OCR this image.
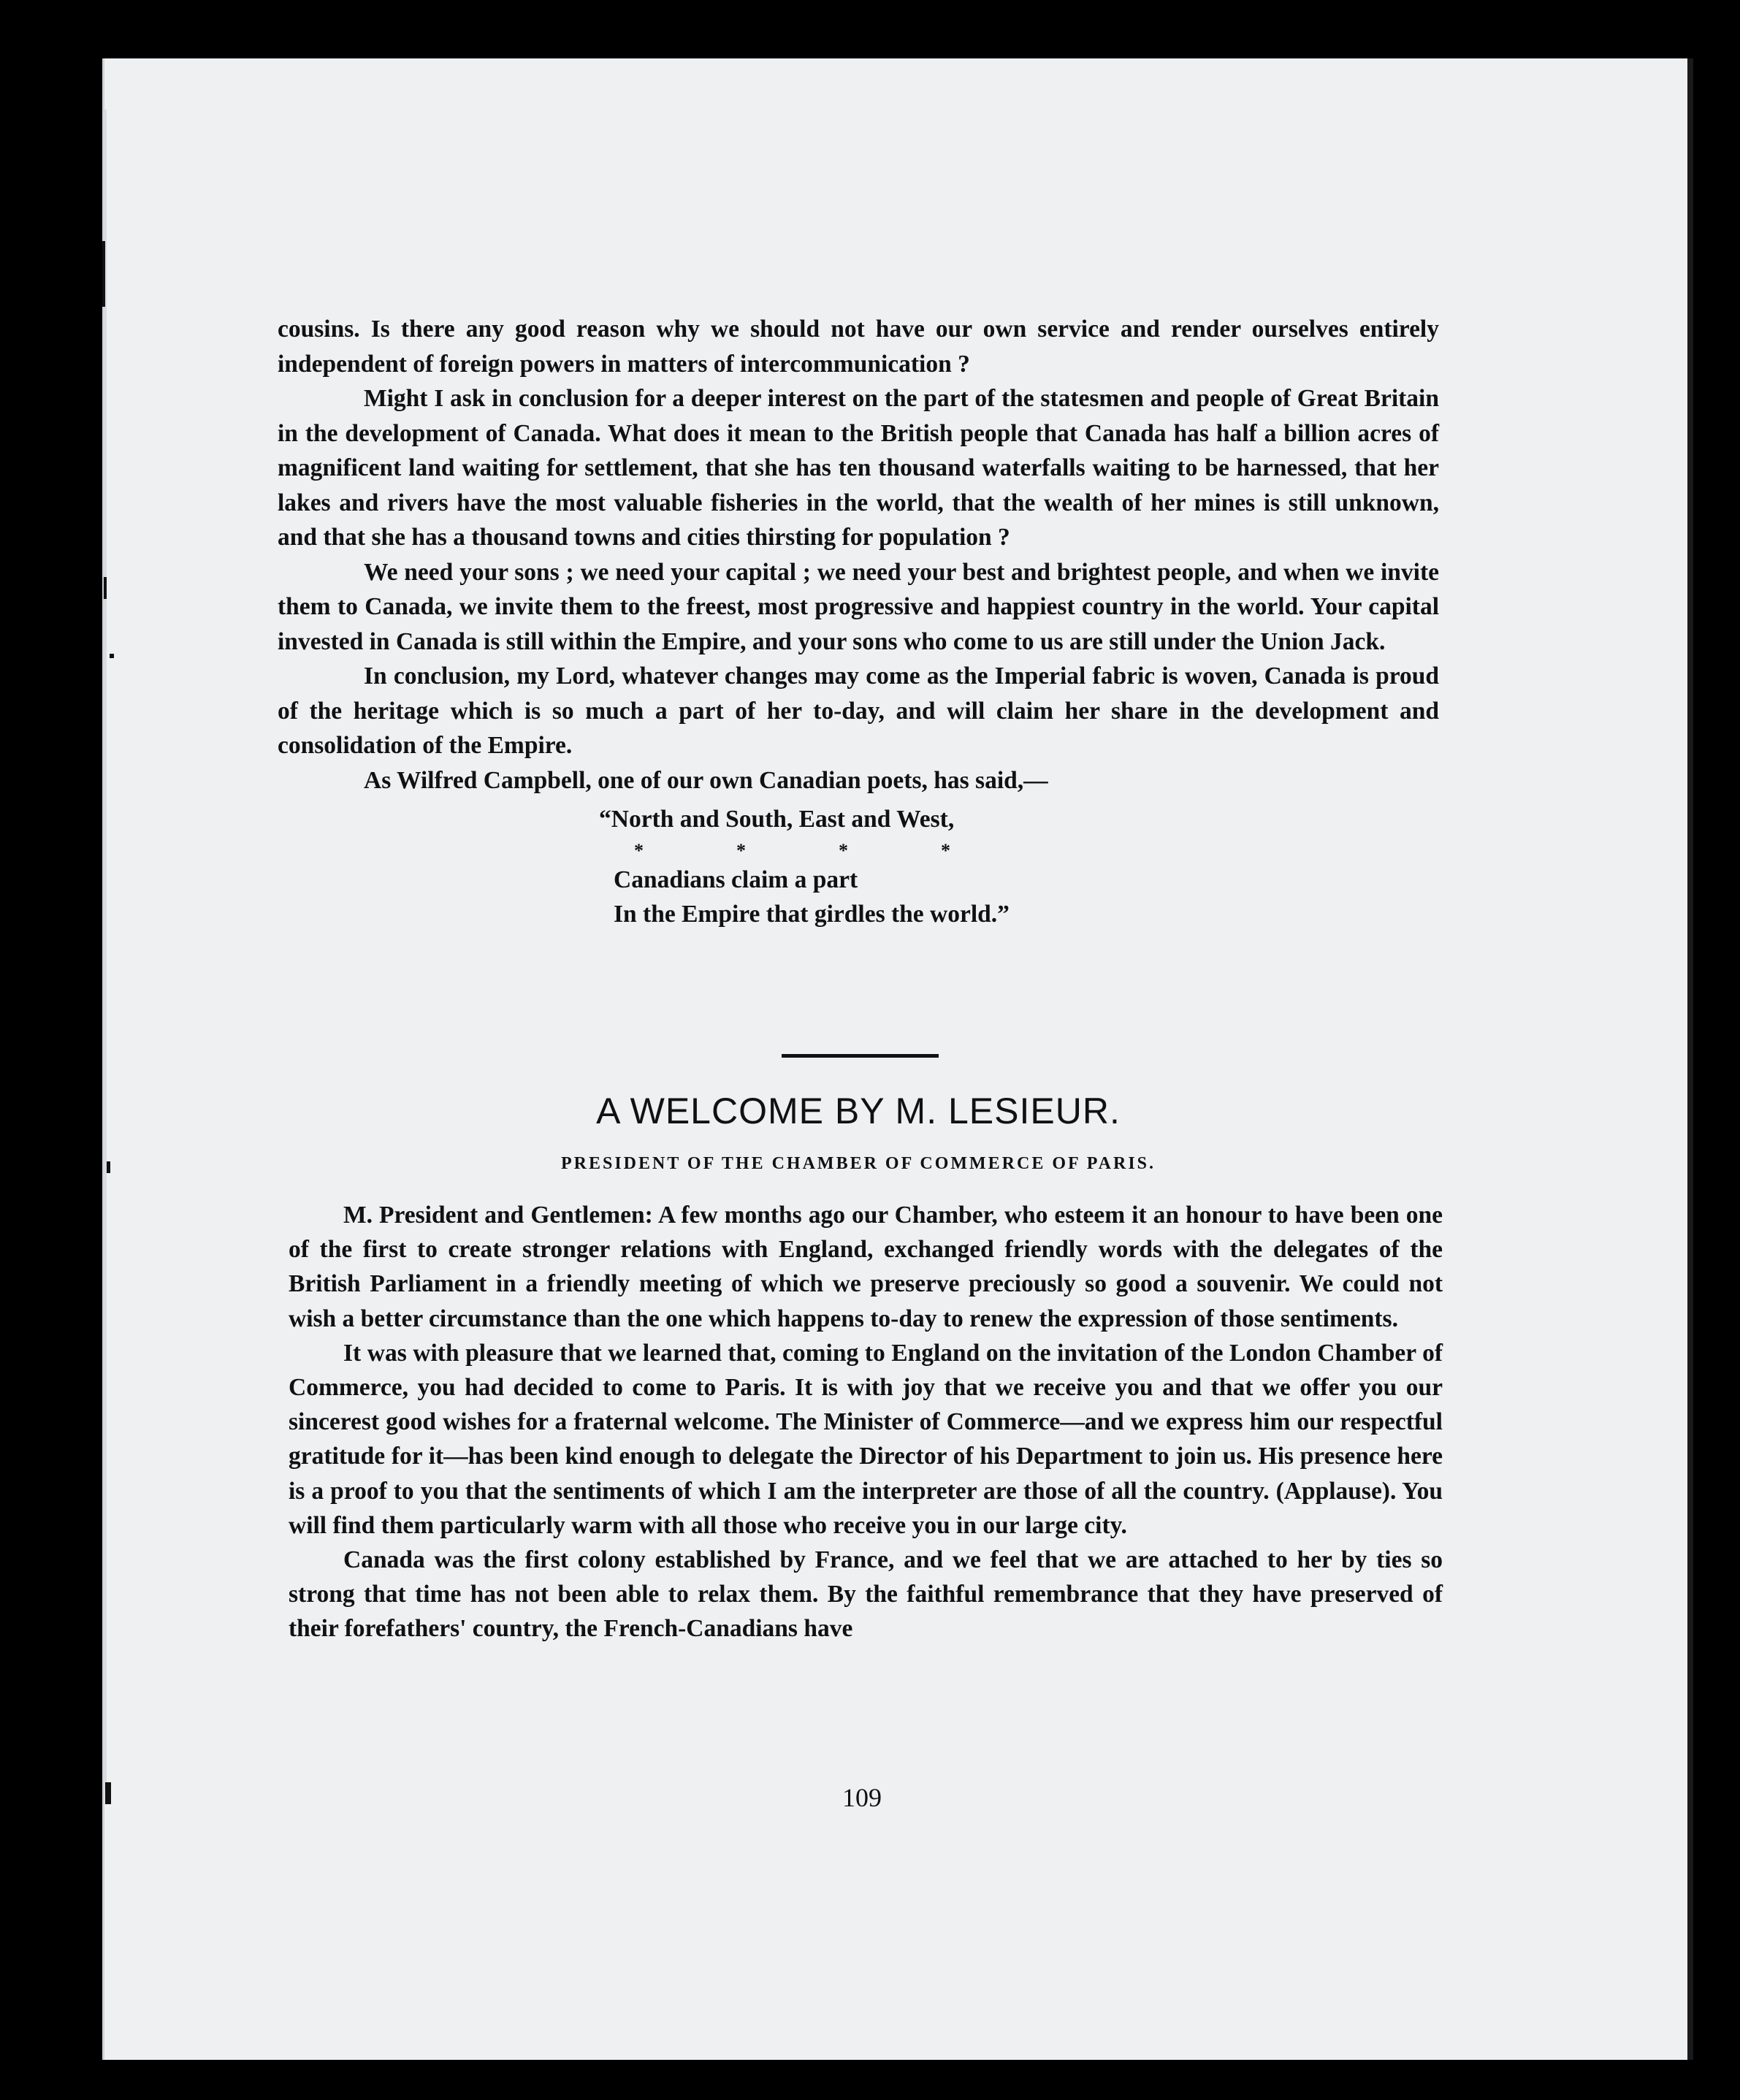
cousins. Is there any good reason why we should not have our own service and render ourselves entirely independent of foreign powers in matters of intercommunication ?

Might I ask in conclusion for a deeper interest on the part of the statesmen and people of Great Britain in the development of Canada. What does it mean to the British people that Canada has half a billion acres of magnificent land waiting for settlement, that she has ten thousand waterfalls waiting to be harnessed, that her lakes and rivers have the most valuable fisheries in the world, that the wealth of her mines is still unknown, and that she has a thousand towns and cities thirsting for population ?

We need your sons ; we need your capital ; we need your best and brightest people, and when we invite them to Canada, we invite them to the freest, most progressive and happiest country in the world. Your capital invested in Canada is still within the Empire, and your sons who come to us are still under the Union Jack.

In conclusion, my Lord, whatever changes may come as the Imperial fabric is woven, Canada is proud of the heritage which is so much a part of her to-day, and will claim her share in the development and consolidation of the Empire.

As Wilfred Campbell, one of our own Canadian poets, has said,—

“North and South, East and West,
*	*	*	*
Canadians claim a part
In the Empire that girdles the world.”
A WELCOME BY M. LESIEUR.
PRESIDENT OF THE CHAMBER OF COMMERCE OF PARIS.

M. President and Gentlemen: A few months ago our Chamber, who esteem it an honour to have been one of the first to create stronger relations with England, exchanged friendly words with the delegates of the British Parliament in a friendly meeting of which we preserve preciously so good a souvenir. We could not wish a better circumstance than the one which happens to-day to renew the expression of those sentiments.

It was with pleasure that we learned that, coming to England on the invitation of the London Chamber of Commerce, you had decided to come to Paris. It is with joy that we receive you and that we offer you our sincerest good wishes for a fraternal welcome. The Minister of Commerce—and we express him our respectful gratitude for it—has been kind enough to delegate the Director of his Department to join us. His presence here is a proof to you that the sentiments of which I am the interpreter are those of all the country. (Applause). You will find them particularly warm with all those who receive you in our large city.

Canada was the first colony established by France, and we feel that we are attached to her by ties so strong that time has not been able to relax them. By the faithful remembrance that they have preserved of their forefathers' country, the French-Canadians have

109
